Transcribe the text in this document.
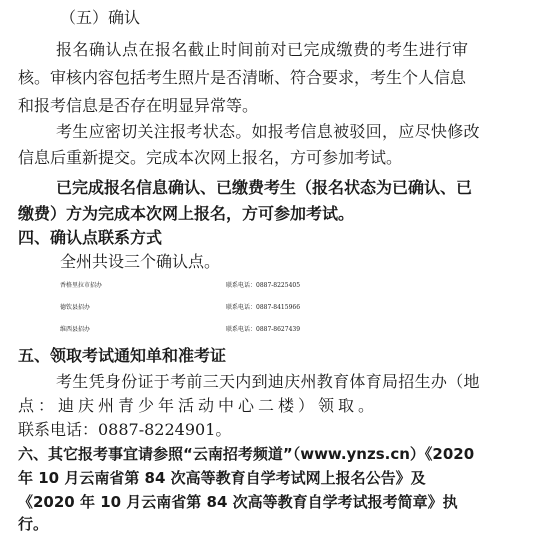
（五）确认
报名确认点在报名截止时间前对已完成缴费的考生进行审
核。审核内容包括考生照片是否清晰、符合要求，考生个人信息
和报考信息是否存在明显异常等。
考生应密切关注报考状态。如报考信息被驳回，应尽快修改
信息后重新提交。完成本次网上报名，方可参加考试。
已完成报名信息确认、已缴费考生（报名状态为已确认、已
缴费）方为完成本次网上报名，方可参加考试。
四、确认点联系方式
全州共设三个确认点。
香格里拉市招办	联系电话：0887-8225405
德钦县招办	联系电话：0887-8415966
维西县招办	联系电话：0887-8627439
五、领取考试通知单和准考证
考生凭身份证于考前三天内到迪庆州教育体育局招生办（地
点：迪庆州青少年活动中心二楼）领取。
联系电话：0887-8224901。
六、其它报考事宜请参照“云南招考频道”（www.ynzs.cn）《2020
年 10 月云南省第 84 次高等教育自学考试网上报名公告》及
《2020 年 10 月云南省第 84 次高等教育自学考试报考简章》执
行。
